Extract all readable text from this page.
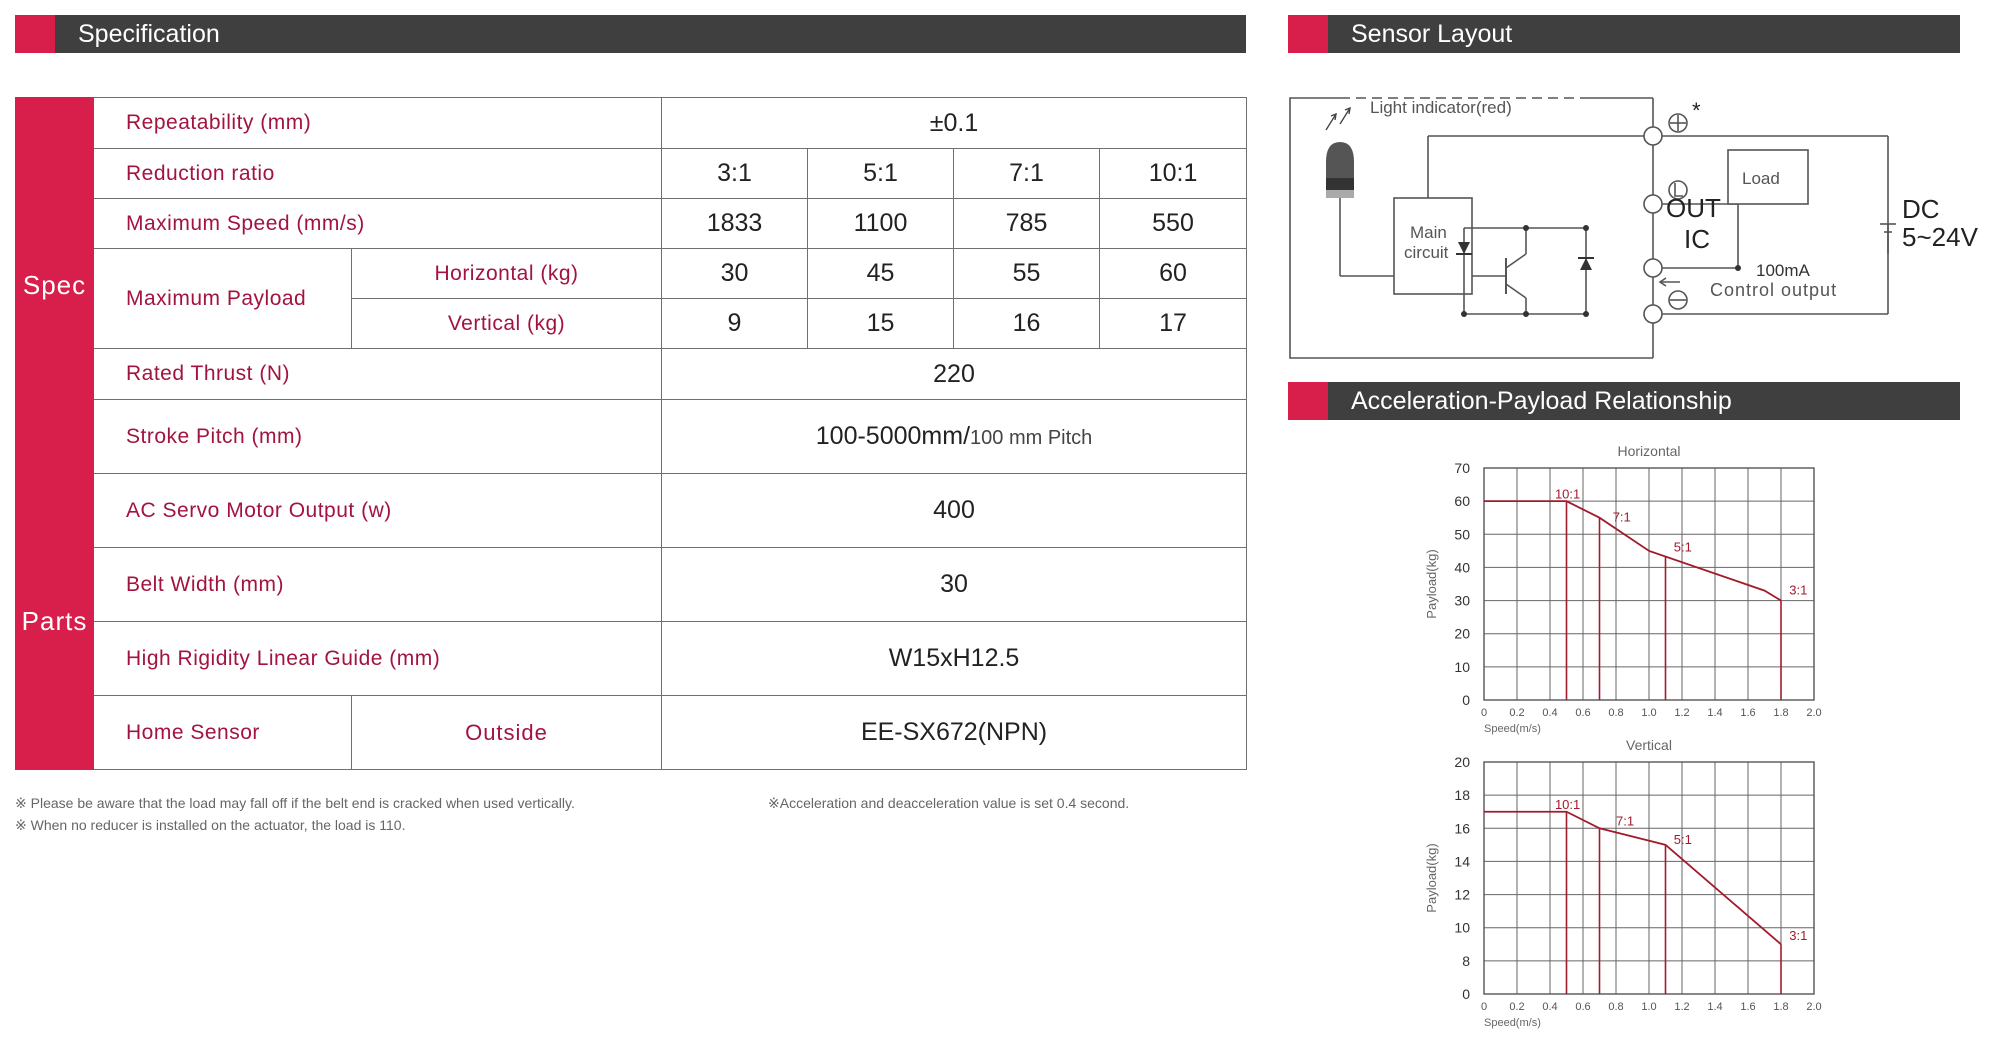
Specification	Sensor Layout
Acceleration-Payload Relationship
Spec	Repeatability (mm)		±0.1			
	Reduction ratio		3:1	5:1	7:1	10:1
	Maximum Speed (mm/s)		1833	1100	785	550
	Maximum Payload	Horizontal (kg)	30	45	55	60
		Vertical (kg)	9	15	16	17
	Rated Thrust (N)		220			
	Stroke Pitch (mm)		100-5000mm/100 mm Pitch			
Parts	AC Servo Motor Output (w)		400			
	Belt Width (mm)		30			
	High Rigidity Linear Guide (mm)		W15xH12.5			
	Home Sensor	Outside	EE-SX672(NPN)			
※ Please be aware that the load may fall off if the belt end is cracked when used vertically.
※ When no reducer is installed on the actuator, the load is 110.
※Acceleration and deacceleration value is set 0.4 second.
Light indicator(red)
Main
circuit
Load
OUT
IC
100mA
Control output
DC
5~24V
*
Horizontal
0 0.2 0.4 0.6 0.8 1.0 1.2 1.4 1.6 1.8 2.0
0
10
20
30
40
50
60
70
Payload(kg)
Speed(m/s)
10:1
7:1
5:1
3:1
Vertical
0 0.2 0.4 0.6 0.8 1.0 1.2 1.4 1.6 1.8 2.0
0
8
10
12
14
16
18
20
Payload(kg)
Speed(m/s)
10:1
7:1
5:1
3:1
